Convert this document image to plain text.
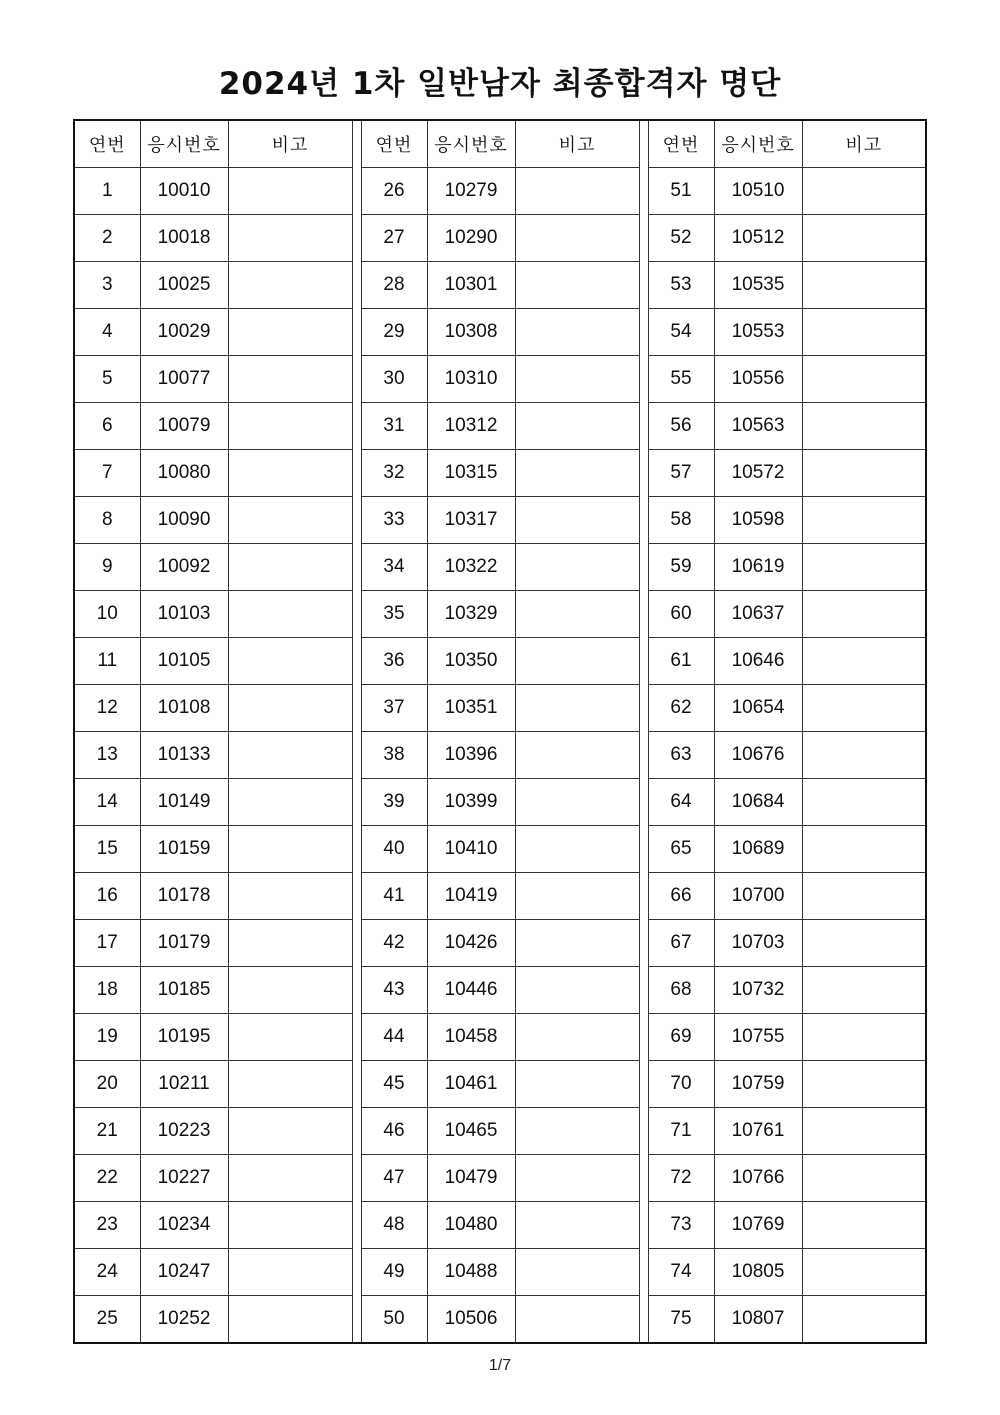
2024년 1차 일반남자 최종합격자 명단
연번	응시번호	비고		연번	응시번호	비고		연번	응시번호	비고
1	10010			26	10279			51	10510	
2	10018			27	10290			52	10512	
3	10025			28	10301			53	10535	
4	10029			29	10308			54	10553	
5	10077			30	10310			55	10556	
6	10079			31	10312			56	10563	
7	10080			32	10315			57	10572	
8	10090			33	10317			58	10598	
9	10092			34	10322			59	10619	
10	10103			35	10329			60	10637	
11	10105			36	10350			61	10646	
12	10108			37	10351			62	10654	
13	10133			38	10396			63	10676	
14	10149			39	10399			64	10684	
15	10159			40	10410			65	10689	
16	10178			41	10419			66	10700	
17	10179			42	10426			67	10703	
18	10185			43	10446			68	10732	
19	10195			44	10458			69	10755	
20	10211			45	10461			70	10759	
21	10223			46	10465			71	10761	
22	10227			47	10479			72	10766	
23	10234			48	10480			73	10769	
24	10247			49	10488			74	10805	
25	10252			50	10506			75	10807	
1/7
